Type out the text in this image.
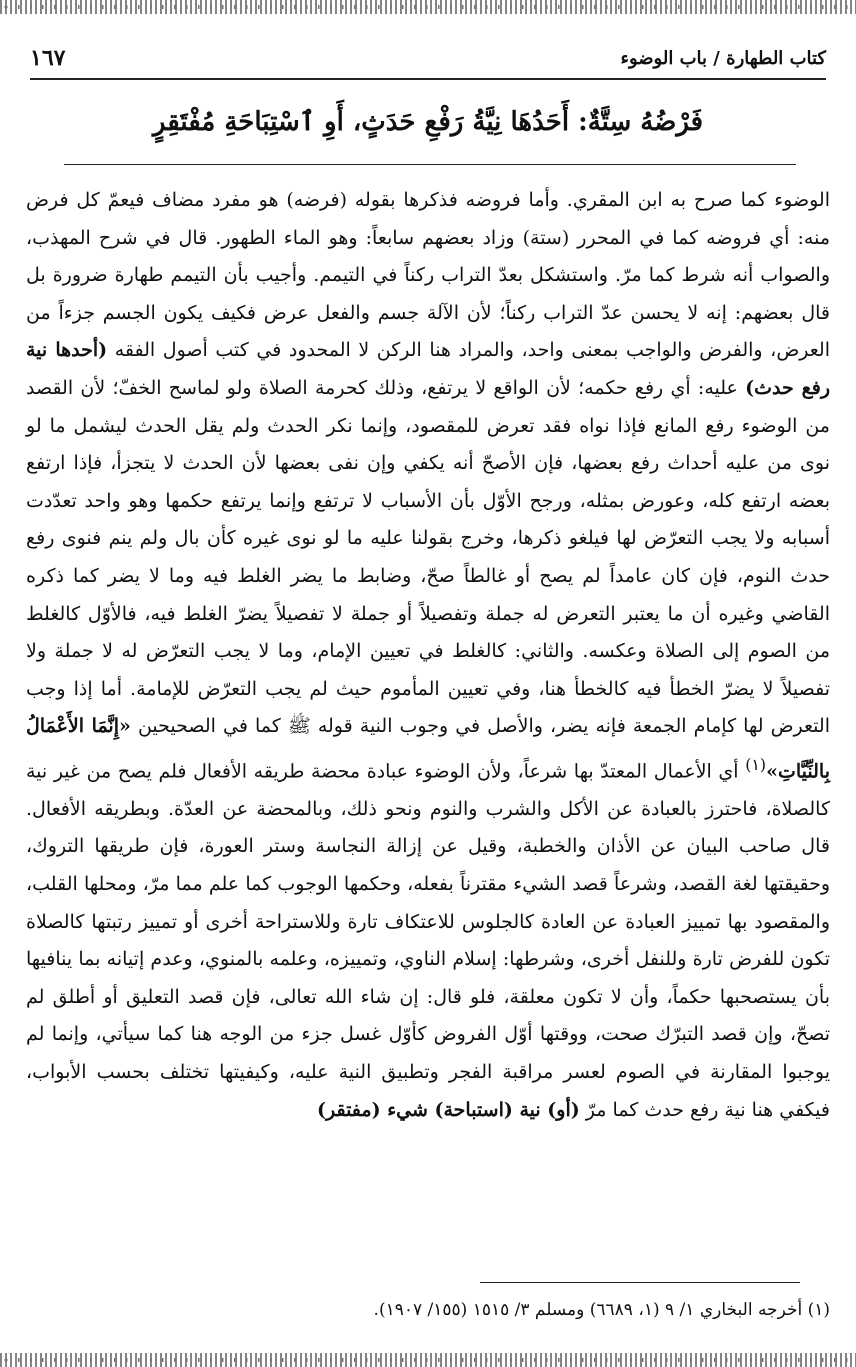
كتاب الطهارة / باب الوضوء
١٦٧
فَرْضُهُ سِتَّةٌ: أَحَدُهَا نِيَّةُ رَفْعِ حَدَثٍ، أَوِ ٱسْتِبَاحَةِ مُفْتَقِرٍ

الوضوء كما صرح به ابن المقري. وأما فروضه فذكرها بقوله (فرضه) هو مفرد مضاف فيعمّ كل فرض منه: أي فروضه كما في المحرر (ستة) وزاد بعضهم سابعاً: وهو الماء الطهور. قال في شرح المهذب، والصواب أنه شرط كما مرّ. واستشكل بعدّ التراب ركناً في التيمم. وأجيب بأن التيمم طهارة ضرورة بل قال بعضهم: إنه لا يحسن عدّ التراب ركناً؛ لأن الآلة جسم والفعل عرض فكيف يكون الجسم جزءاً من العرض، والفرض والواجب بمعنى واحد، والمراد هنا الركن لا المحدود في كتب أصول الفقه (أحدها نية رفع حدث) عليه: أي رفع حكمه؛ لأن الواقع لا يرتفع، وذلك كحرمة الصلاة ولو لماسح الخفّ؛ لأن القصد من الوضوء رفع المانع فإذا نواه فقد تعرض للمقصود، وإنما نكر الحدث ولم يقل الحدث ليشمل ما لو نوى من عليه أحداث رفع بعضها، فإن الأصحّ أنه يكفي وإن نفى بعضها لأن الحدث لا يتجزأ، فإذا ارتفع بعضه ارتفع كله، وعورض بمثله، ورجح الأوّل بأن الأسباب لا ترتفع وإنما يرتفع حكمها وهو واحد تعدّدت أسبابه ولا يجب التعرّض لها فيلغو ذكرها، وخرج بقولنا عليه ما لو نوى غيره كأن بال ولم ينم فنوى رفع حدث النوم، فإن كان عامداً لم يصح أو غالطاً صحّ، وضابط ما يضر الغلط فيه وما لا يضر كما ذكره القاضي وغيره أن ما يعتبر التعرض له جملة وتفصيلاً أو جملة لا تفصيلاً يضرّ الغلط فيه، فالأوّل كالغلط من الصوم إلى الصلاة وعكسه. والثاني: كالغلط في تعيين الإمام، وما لا يجب التعرّض له لا جملة ولا تفصيلاً لا يضرّ الخطأ فيه كالخطأ هنا، وفي تعيين المأموم حيث لم يجب التعرّض للإمامة. أما إذا وجب التعرض لها كإمام الجمعة فإنه يضر، والأصل في وجوب النية قوله ﷺ كما في الصحيحين «إِنَّمَا الأَعْمَالُ بِالنِّيَّاتِ»$^{(١)}$ أي الأعمال المعتدّ بها شرعاً، ولأن الوضوء عبادة محضة طريقه الأفعال فلم يصح من غير نية كالصلاة، فاحترز بالعبادة عن الأكل والشرب والنوم ونحو ذلك، وبالمحضة عن العدّة. وبطريقه الأفعال. قال صاحب البيان عن الأذان والخطبة، وقيل عن إزالة النجاسة وستر العورة، فإن طريقها التروك، وحقيقتها لغة القصد، وشرعاً قصد الشيء مقترناً بفعله، وحكمها الوجوب كما علم مما مرّ، ومحلها القلب، والمقصود بها تمييز العبادة عن العادة كالجلوس للاعتكاف تارة وللاستراحة أخرى أو تمييز رتبتها كالصلاة تكون للفرض تارة وللنفل أخرى، وشرطها: إسلام الناوي، وتمييزه، وعلمه بالمنوي، وعدم إتيانه بما ينافيها بأن يستصحبها حكماً، وأن لا تكون معلقة، فلو قال: إن شاء الله تعالى، فإن قصد التعليق أو أطلق لم تصحّ، وإن قصد التبرّك صحت، ووقتها أوّل الفروض كأوّل غسل جزء من الوجه هنا كما سيأتي، وإنما لم يوجبوا المقارنة في الصوم لعسر مراقبة الفجر وتطبيق النية عليه، وكيفيتها تختلف بحسب الأبواب، فيكفي هنا نية رفع حدث كما مرّ (أو) نية (استباحة) شيء (مفتقر)

(١) أخرجه البخاري ١/ ٩ (١، ٦٦٨٩) ومسلم ٣/ ١٥١٥ (١٥٥/ ١٩٠٧).
